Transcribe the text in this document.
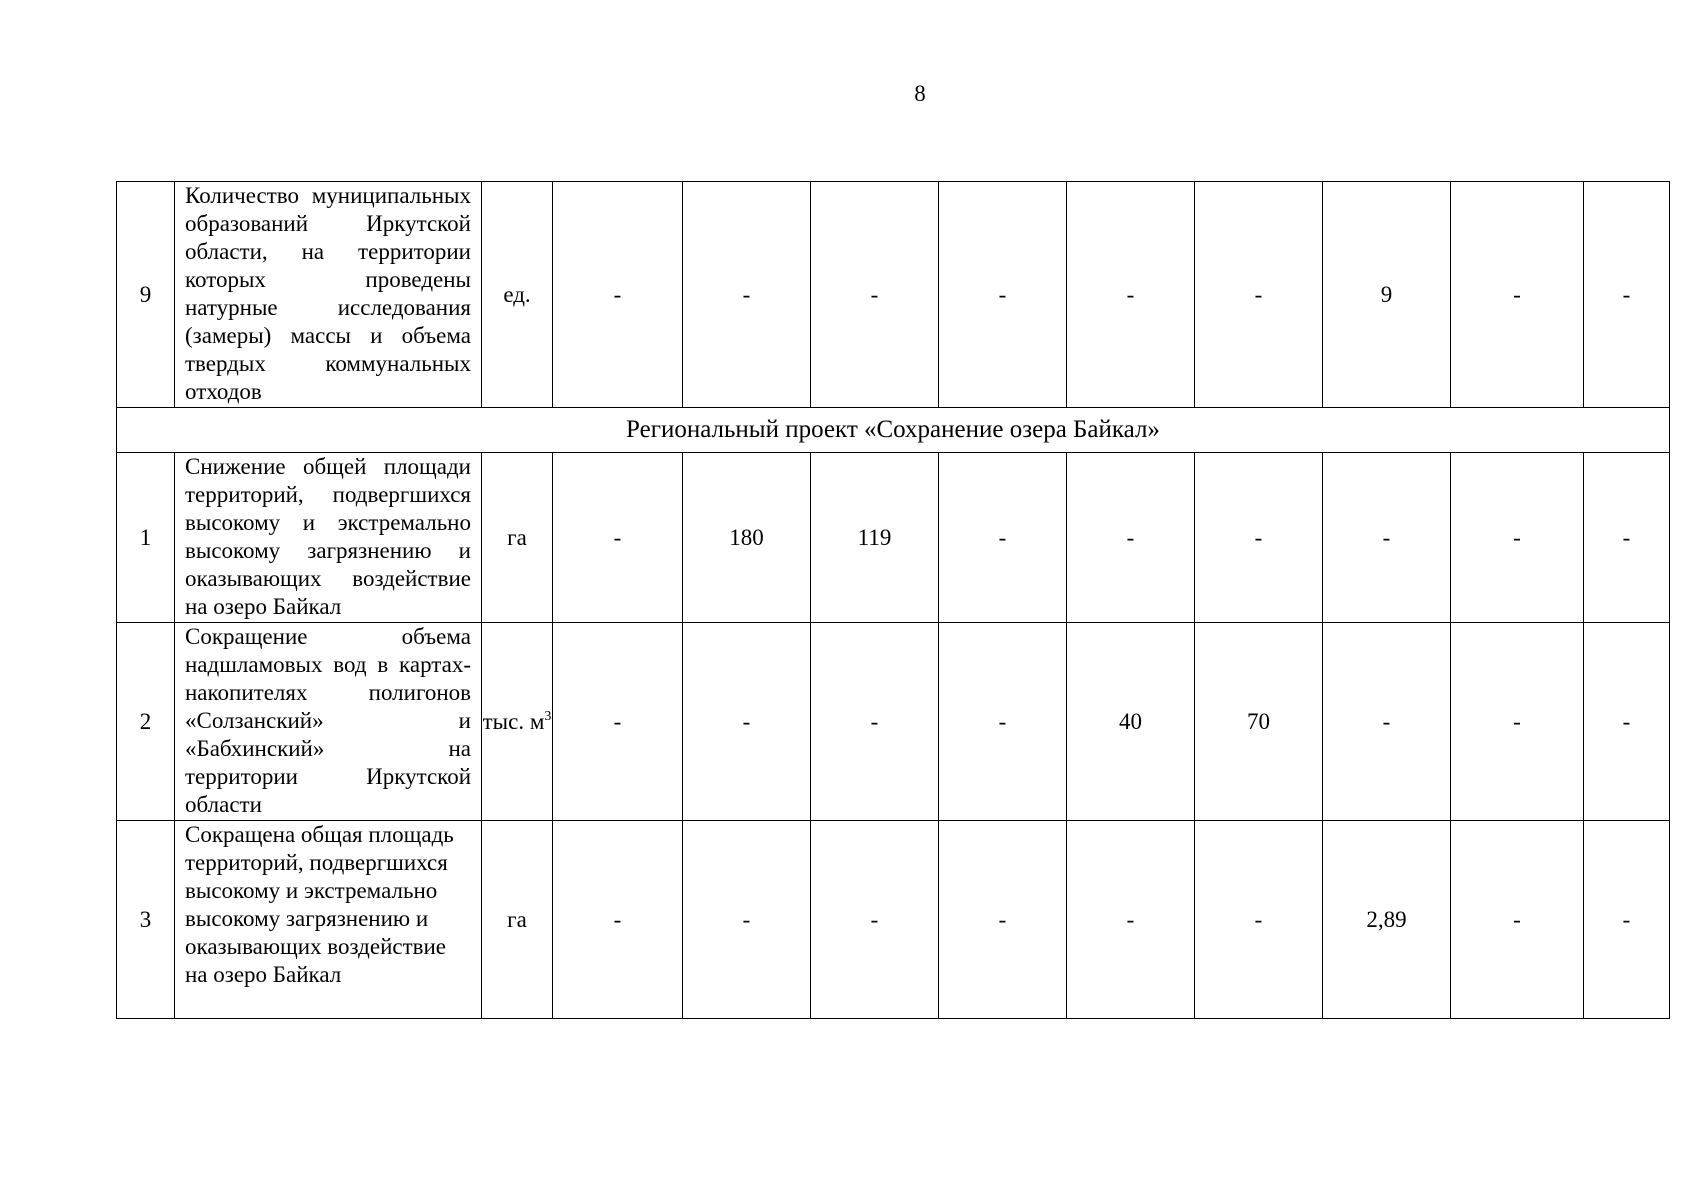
8
9	Количество муниципальных образований Иркутской области, на территории которых проведены натурные исследования (замеры) массы и объема твердых коммунальных отходов	ед.	-	-	-	-	-	-	9	-	-
Региональный проект «Сохранение озера Байкал»											
1	Снижение общей площади территорий, подвергшихся высокому и экстремально высокому загрязнению и оказывающих воздействие на озеро Байкал	га	-	180	119	-	-	-	-	-	-
2	Сокращение объема надшламовых вод в картах-накопителях полигонов «Солзанский» и «Бабхинский» на территории Иркутской области	тыс. $м^3$	-	-	-	-	40	70	-	-	-
3	Сокращена общая площадь территорий, подвергшихся высокому и экстремально высокому загрязнению и оказывающих воздействие на озеро Байкал	га	-	-	-	-	-	-	2,89	-	-
